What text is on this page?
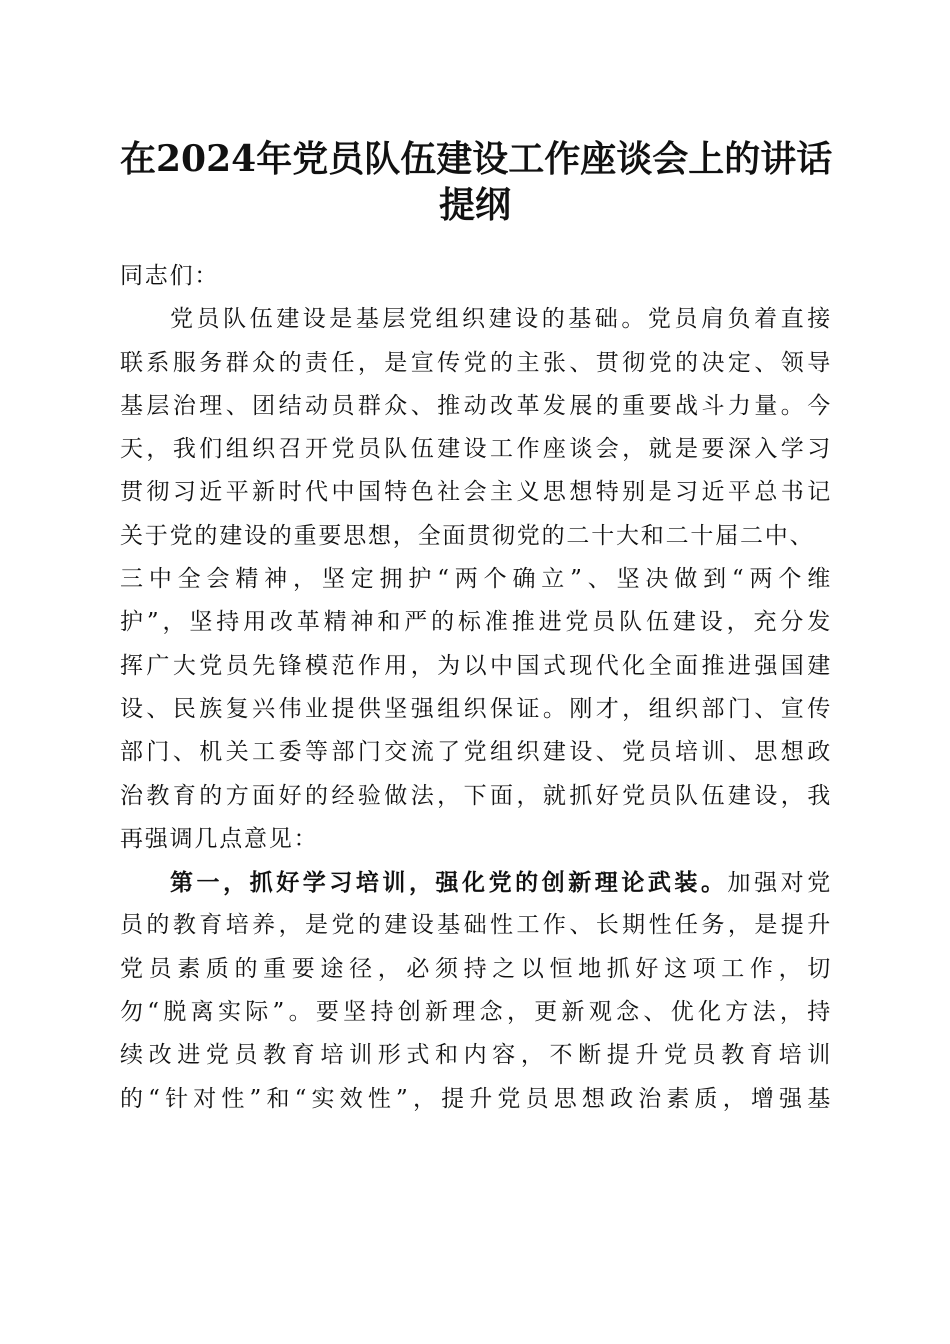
在2024年党员队伍建设工作座谈会上的讲话
提纲
同志们：
党员队伍建设是基层党组织建设的基础。党员肩负着直接
联系服务群众的责任，是宣传党的主张、贯彻党的决定、领导
基层治理、团结动员群众、推动改革发展的重要战斗力量。今
天，我们组织召开党员队伍建设工作座谈会，就是要深入学习
贯彻习近平新时代中国特色社会主义思想特别是习近平总书记
关于党的建设的重要思想，全面贯彻党的二十大和二十届二中、
三中全会精神，坚定拥护“两个确立”、坚决做到“两个维
护”，坚持用改革精神和严的标准推进党员队伍建设，充分发
挥广大党员先锋模范作用，为以中国式现代化全面推进强国建
设、民族复兴伟业提供坚强组织保证。刚才，组织部门、宣传
部门、机关工委等部门交流了党组织建设、党员培训、思想政
治教育的方面好的经验做法，下面，就抓好党员队伍建设，我
再强调几点意见：
第一，抓好学习培训，强化党的创新理论武装。加强对党
员的教育培养，是党的建设基础性工作、长期性任务，是提升
党员素质的重要途径，必须持之以恒地抓好这项工作，切
勿“脱离实际”。要坚持创新理念，更新观念、优化方法，持
续改进党员教育培训形式和内容，不断提升党员教育培训
的“针对性”和“实效性”，提升党员思想政治素质，增强基
